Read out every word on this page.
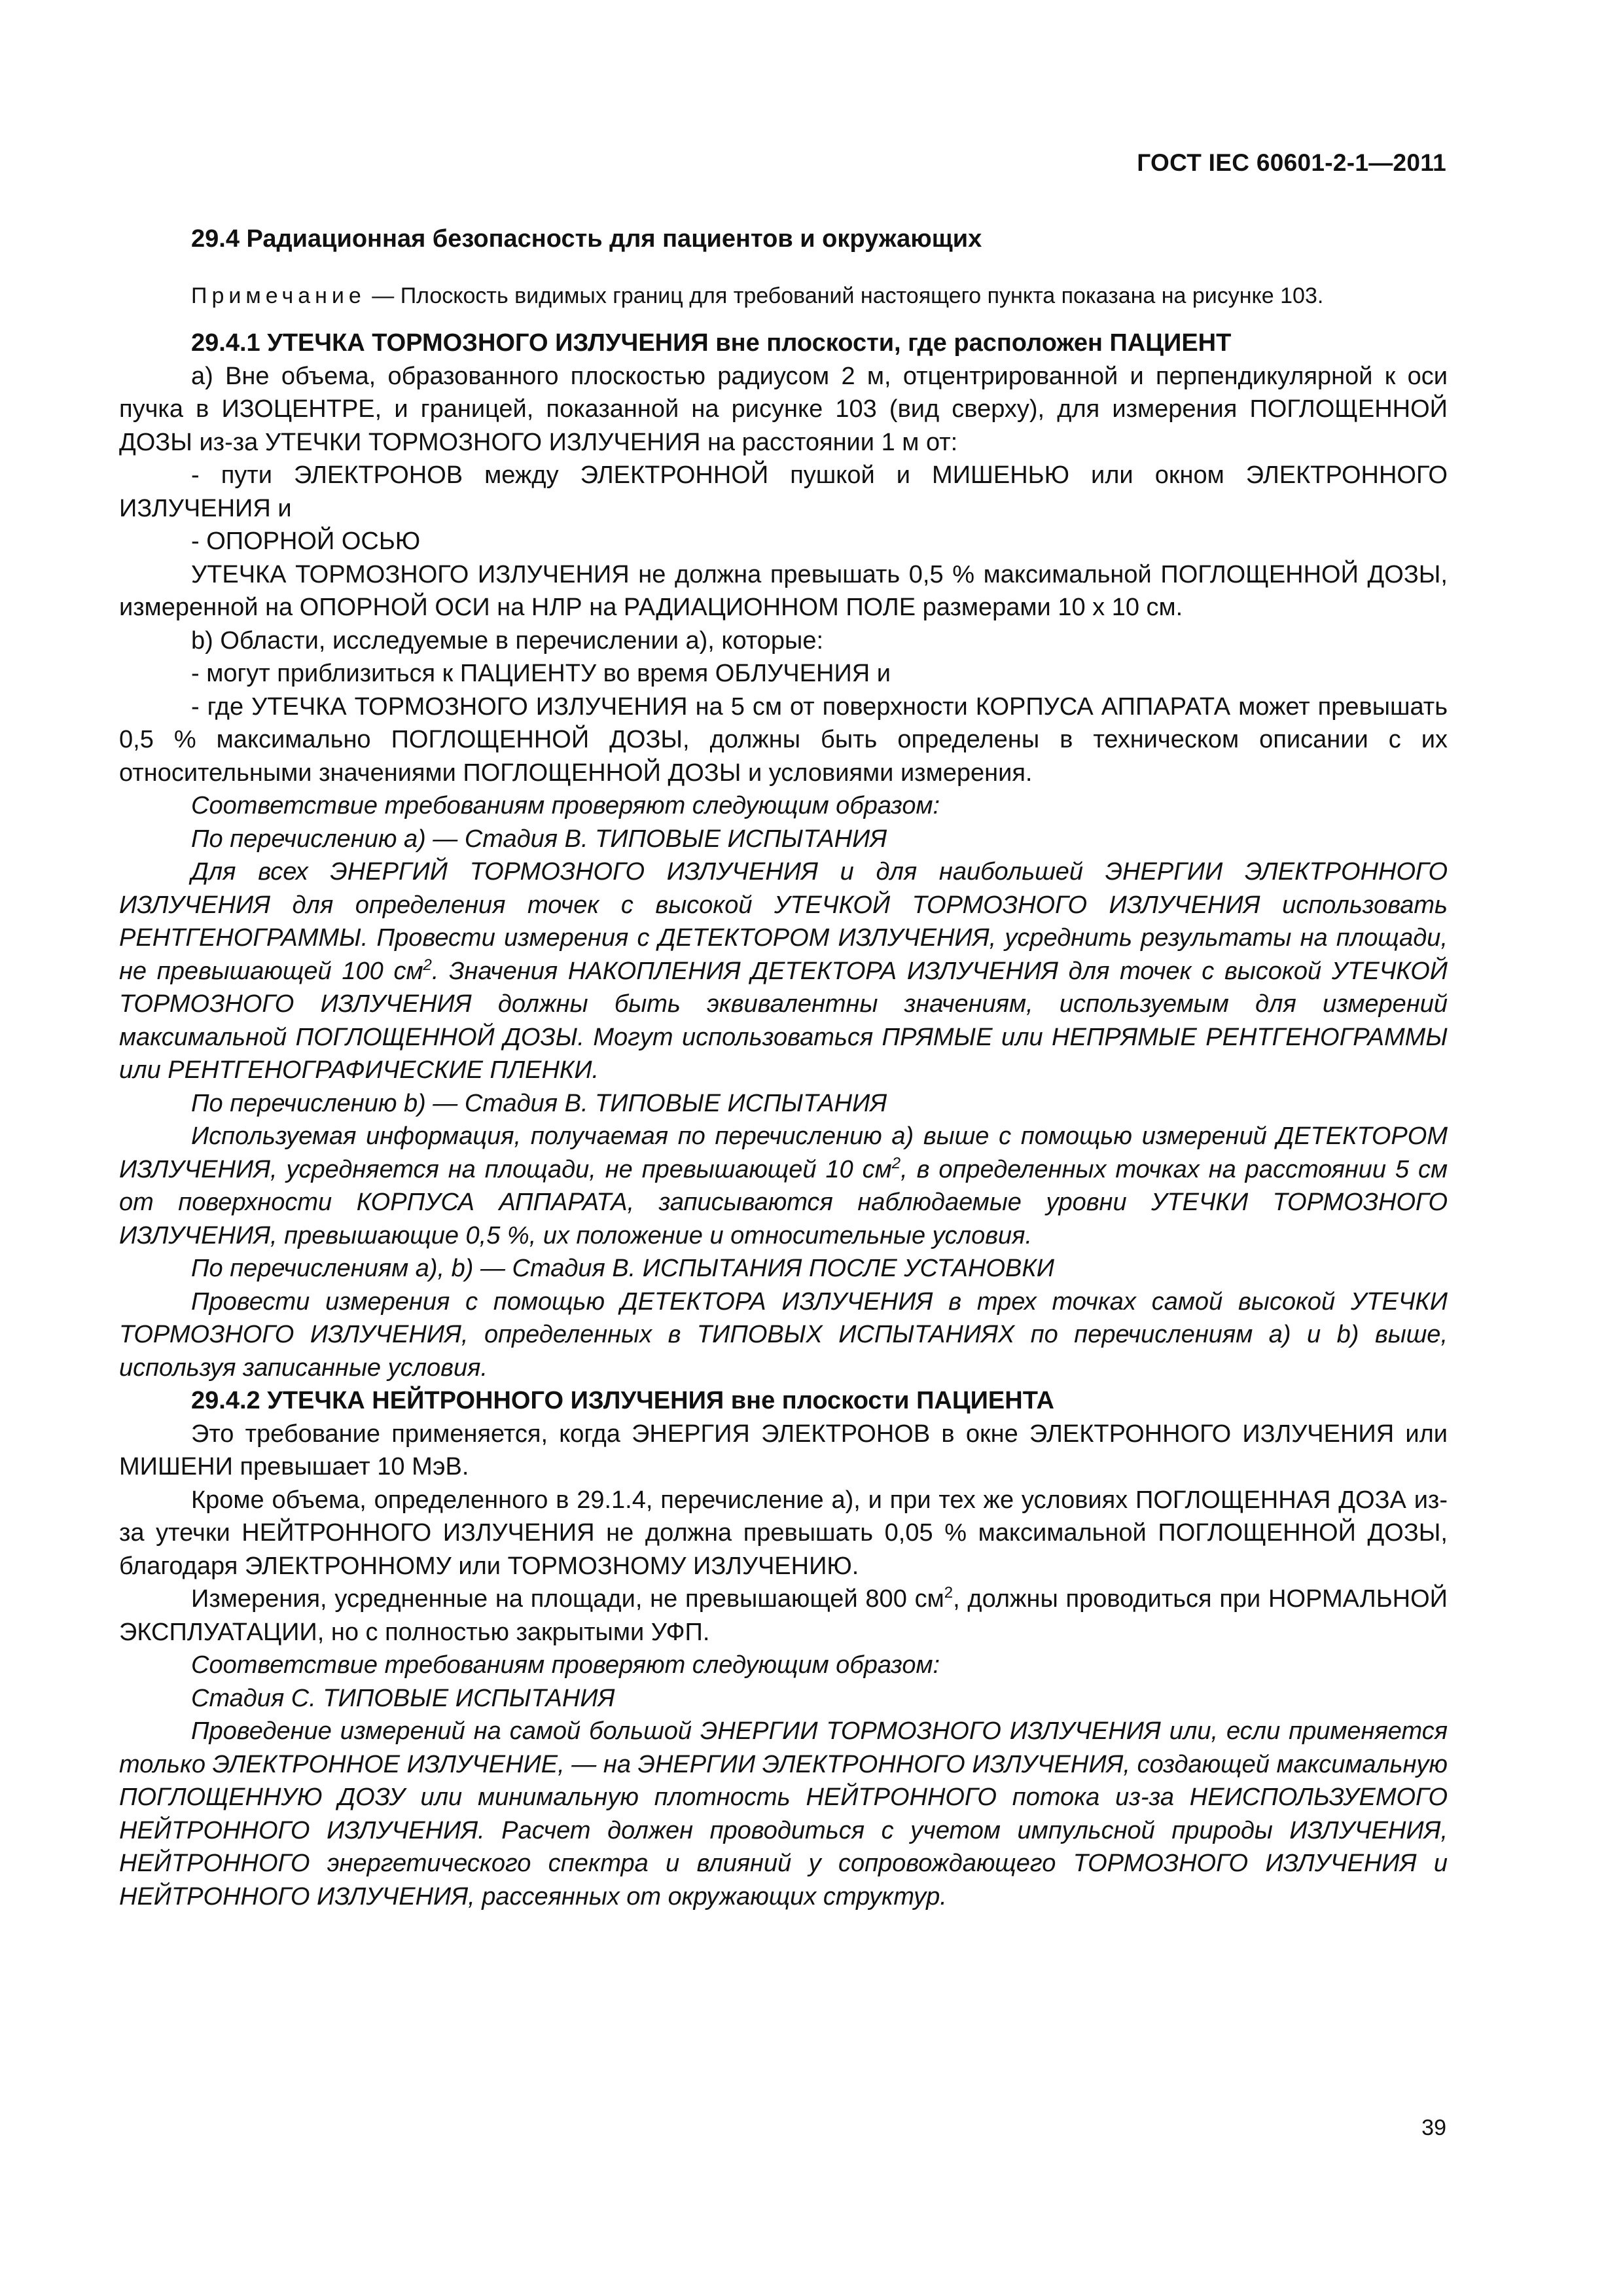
ГОСТ IEC 60601-2-1—2011

29.4 Радиационная безопасность для пациентов и окружающих

Примечание — Плоскость видимых границ для требований настоящего пункта показана на рисунке 103.

29.4.1 УТЕЧКА ТОРМОЗНОГО ИЗЛУЧЕНИЯ вне плоскости, где расположен ПАЦИЕНТ

а) Вне объема, образованного плоскостью радиусом 2 м, отцентрированной и перпендикулярной к оси пучка в ИЗОЦЕНТРЕ, и границей, показанной на рисунке 103 (вид сверху), для измерения ПОГЛОЩЕННОЙ ДОЗЫ из-за УТЕЧКИ ТОРМОЗНОГО ИЗЛУЧЕНИЯ на расстоянии 1 м от:

- пути ЭЛЕКТРОНОВ между ЭЛЕКТРОННОЙ пушкой и МИШЕНЬЮ или окном ЭЛЕКТРОННОГО ИЗЛУЧЕНИЯ и

- ОПОРНОЙ ОСЬЮ

УТЕЧКА ТОРМОЗНОГО ИЗЛУЧЕНИЯ не должна превышать 0,5 % максимальной ПОГЛОЩЕННОЙ ДОЗЫ, измеренной на ОПОРНОЙ ОСИ на НЛР на РАДИАЦИОННОМ ПОЛЕ размерами 10 х 10 см.

b) Области, исследуемые в перечислении а), которые:

- могут приблизиться к ПАЦИЕНТУ во время ОБЛУЧЕНИЯ и

- где УТЕЧКА ТОРМОЗНОГО ИЗЛУЧЕНИЯ на 5 см от поверхности КОРПУСА АППАРАТА может превышать 0,5 % максимально ПОГЛОЩЕННОЙ ДОЗЫ, должны быть определены в техническом описании с их относительными значениями ПОГЛОЩЕННОЙ ДОЗЫ и условиями измерения.

Соответствие требованиям проверяют следующим образом:

По перечислению а) — Стадия В. ТИПОВЫЕ ИСПЫТАНИЯ

Для всех ЭНЕРГИЙ ТОРМОЗНОГО ИЗЛУЧЕНИЯ и для наибольшей ЭНЕРГИИ ЭЛЕКТРОННОГО ИЗЛУЧЕНИЯ для определения точек с высокой УТЕЧКОЙ ТОРМОЗНОГО ИЗЛУЧЕНИЯ использовать РЕНТГЕНОГРАММЫ. Провести измерения с ДЕТЕКТОРОМ ИЗЛУЧЕНИЯ, усреднить результаты на площади, не превышающей 100 $см^2$. Значения НАКОПЛЕНИЯ ДЕТЕКТОРА ИЗЛУЧЕНИЯ для точек с высокой УТЕЧКОЙ ТОРМОЗНОГО ИЗЛУЧЕНИЯ должны быть эквивалентны значениям, используемым для измерений максимальной ПОГЛОЩЕННОЙ ДОЗЫ. Могут использоваться ПРЯМЫЕ или НЕПРЯМЫЕ РЕНТГЕНОГРАММЫ или РЕНТГЕНОГРАФИЧЕСКИЕ ПЛЕНКИ.

По перечислению b) — Стадия В. ТИПОВЫЕ ИСПЫТАНИЯ

Используемая информация, получаемая по перечислению а) выше с помощью измерений ДЕТЕКТОРОМ ИЗЛУЧЕНИЯ, усредняется на площади, не превышающей 10 $см^2$, в определенных точках на расстоянии 5 см от поверхности КОРПУСА АППАРАТА, записываются наблюдаемые уровни УТЕЧКИ ТОРМОЗНОГО ИЗЛУЧЕНИЯ, превышающие 0,5 %, их положение и относительные условия.

По перечислениям а), b) — Стадия В. ИСПЫТАНИЯ ПОСЛЕ УСТАНОВКИ

Провести измерения с помощью ДЕТЕКТОРА ИЗЛУЧЕНИЯ в трех точках самой высокой УТЕЧКИ ТОРМОЗНОГО ИЗЛУЧЕНИЯ, определенных в ТИПОВЫХ ИСПЫТАНИЯХ по перечислениям а) и b) выше, используя записанные условия.

29.4.2 УТЕЧКА НЕЙТРОННОГО ИЗЛУЧЕНИЯ вне плоскости ПАЦИЕНТА

Это требование применяется, когда ЭНЕРГИЯ ЭЛЕКТРОНОВ в окне ЭЛЕКТРОННОГО ИЗЛУЧЕНИЯ или МИШЕНИ превышает 10 МэВ.

Кроме объема, определенного в 29.1.4, перечисление а), и при тех же условиях ПОГЛОЩЕННАЯ ДОЗА из-за утечки НЕЙТРОННОГО ИЗЛУЧЕНИЯ не должна превышать 0,05 % максимальной ПОГЛОЩЕННОЙ ДОЗЫ, благодаря ЭЛЕКТРОННОМУ или ТОРМОЗНОМУ ИЗЛУЧЕНИЮ.

Измерения, усредненные на площади, не превышающей 800 $см^2$, должны проводиться при НОРМАЛЬНОЙ ЭКСПЛУАТАЦИИ, но с полностью закрытыми УФП.

Соответствие требованиям проверяют следующим образом:

Стадия С. ТИПОВЫЕ ИСПЫТАНИЯ

Проведение измерений на самой большой ЭНЕРГИИ ТОРМОЗНОГО ИЗЛУЧЕНИЯ или, если применяется только ЭЛЕКТРОННОЕ ИЗЛУЧЕНИЕ, — на ЭНЕРГИИ ЭЛЕКТРОННОГО ИЗЛУЧЕНИЯ, создающей максимальную ПОГЛОЩЕННУЮ ДОЗУ или минимальную плотность НЕЙТРОННОГО потока из-за НЕИСПОЛЬЗУЕМОГО НЕЙТРОННОГО ИЗЛУЧЕНИЯ. Расчет должен проводиться с учетом импульсной природы ИЗЛУЧЕНИЯ, НЕЙТРОННОГО энергетического спектра и влияний у сопровождающего ТОРМОЗНОГО ИЗЛУЧЕНИЯ и НЕЙТРОННОГО ИЗЛУЧЕНИЯ, рассеянных от окружающих структур.

39
